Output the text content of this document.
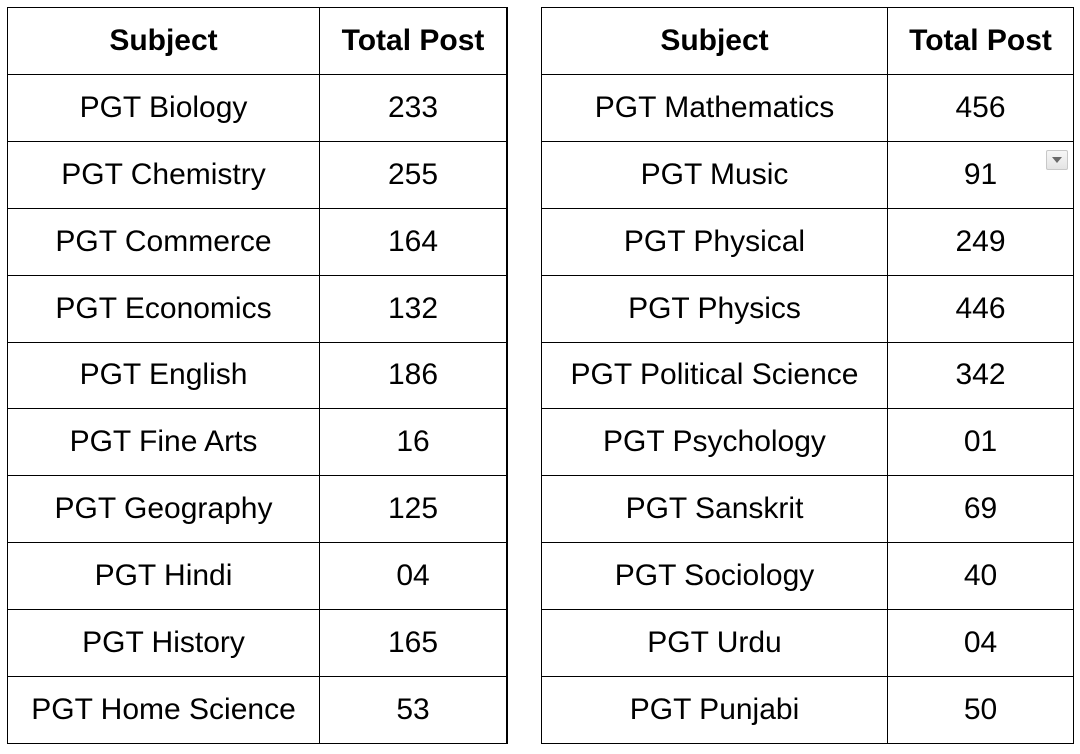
Subject	Total Post
PGT Biology	233
PGT Chemistry	255
PGT Commerce	164
PGT Economics	132
PGT English	186
PGT Fine Arts	16
PGT Geography	125
PGT Hindi	04
PGT History	165
PGT Home Science	53
Subject	Total Post
PGT Mathematics	456
PGT Music	91

PGT Physical	249
PGT Physics	446
PGT Political Science	342
PGT Psychology	01
PGT Sanskrit	69
PGT Sociology	40
PGT Urdu	04
PGT Punjabi	50
